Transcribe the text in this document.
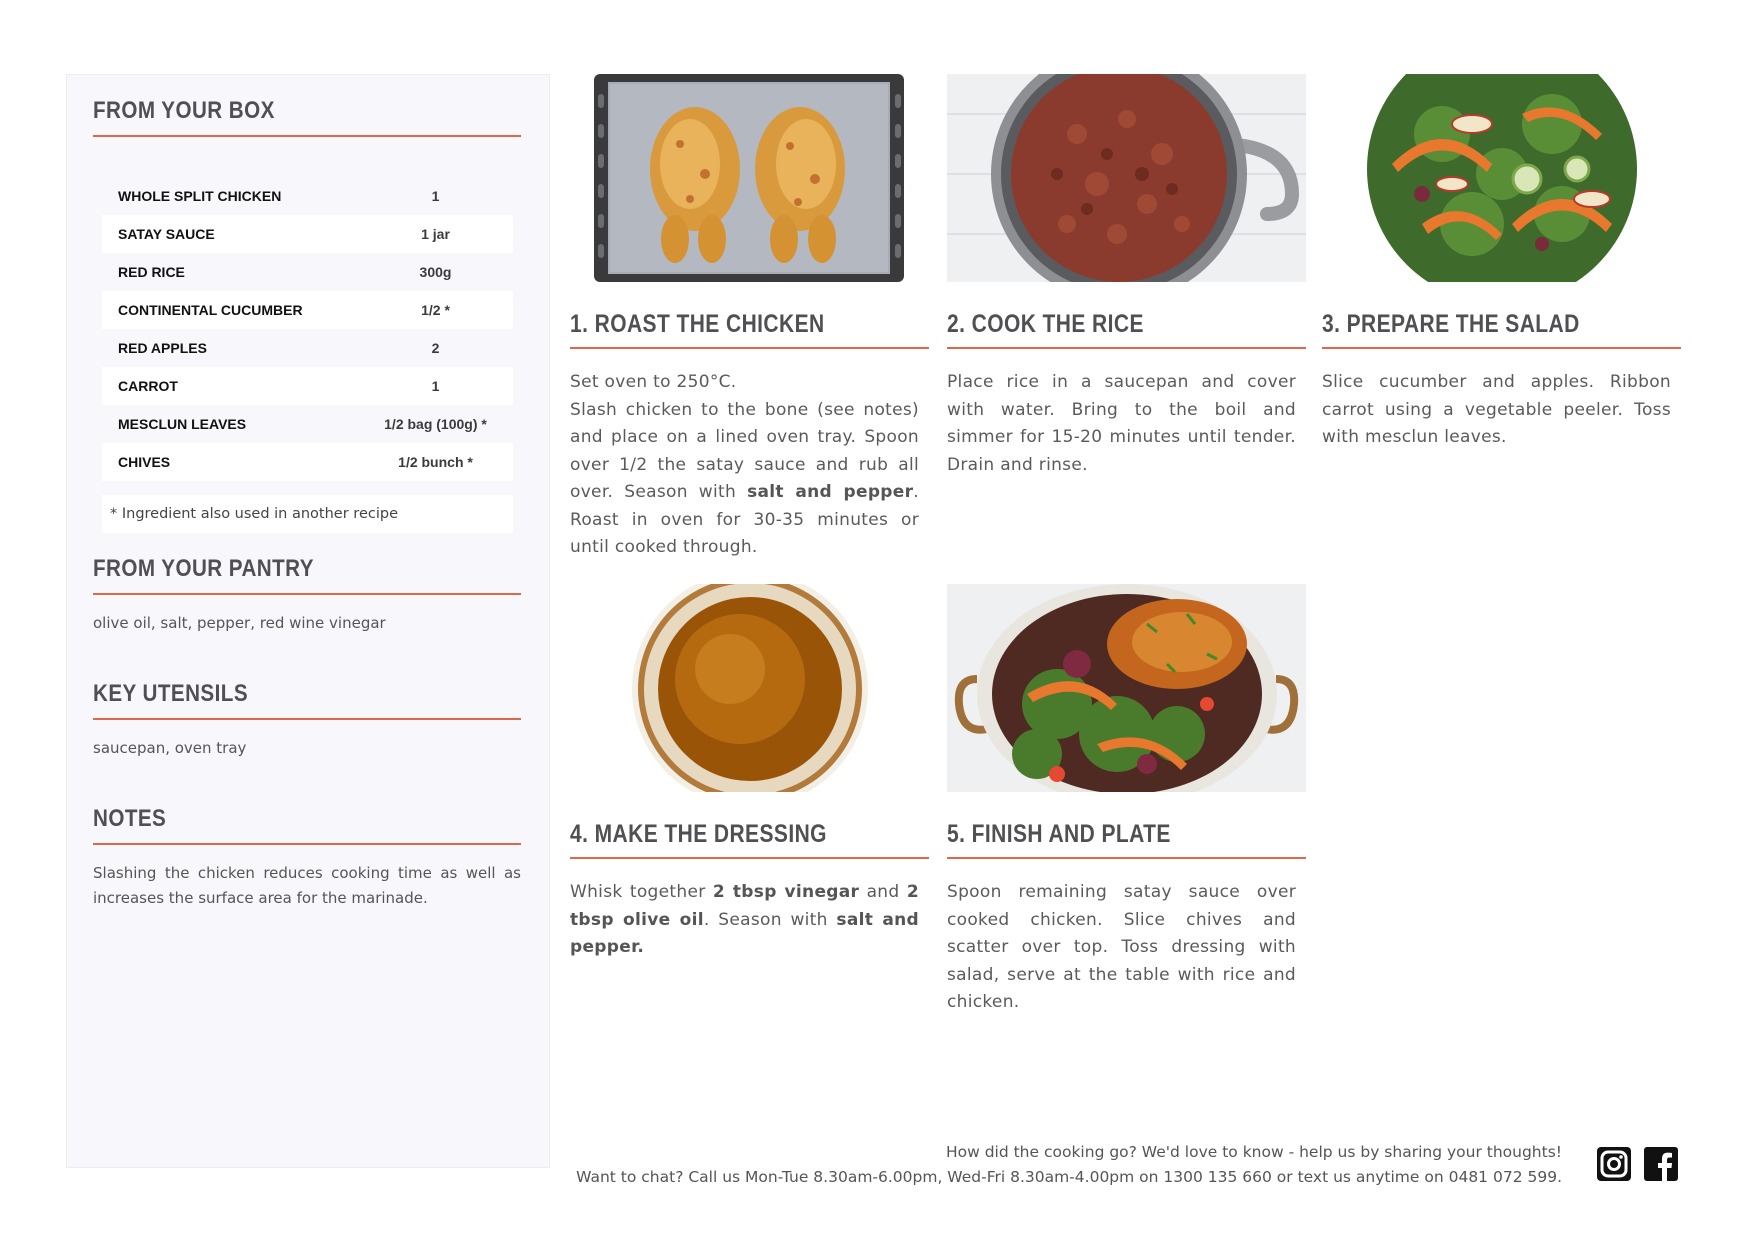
FROM YOUR BOX
WHOLE SPLIT CHICKEN	1
SATAY SAUCE	1 jar
RED RICE	300g
CONTINENTAL CUCUMBER	1/2 *
RED APPLES	2
CARROT	1
MESCLUN LEAVES	1/2 bag (100g) *
CHIVES	1/2 bunch *
* Ingredient also used in another recipe
FROM YOUR PANTRY

olive oil, salt, pepper, red wine vinegar

KEY UTENSILS

saucepan, oven tray

NOTES

Slashing the chicken reduces cooking time as well as increases the surface area for the marinade.

1. ROAST THE CHICKEN
Set oven to 250°C.
Slash chicken to the bone (see notes) and place on a lined oven tray. Spoon over 1/2 the satay sauce and rub all over. Season with salt and pepper. Roast in oven for 30-35 minutes or until cooked through.
2. COOK THE RICE
Place rice in a saucepan and cover with water. Bring to the boil and simmer for 15-20 minutes until tender. Drain and rinse.
3. PREPARE THE SALAD
Slice cucumber and apples. Ribbon carrot using a vegetable peeler. Toss with mesclun leaves.
4. MAKE THE DRESSING
Whisk together 2 tbsp vinegar and 2 tbsp olive oil. Season with salt and pepper.
5. FINISH AND PLATE
Spoon remaining satay sauce over cooked chicken. Slice chives and scatter over top. Toss dressing with salad, serve at the table with rice and chicken.
How did the cooking go? We'd love to know - help us by sharing your thoughts!
Want to chat? Call us Mon-Tue 8.30am-6.00pm, Wed-Fri 8.30am-4.00pm on 1300 135 660 or text us anytime on 0481 072 599.
